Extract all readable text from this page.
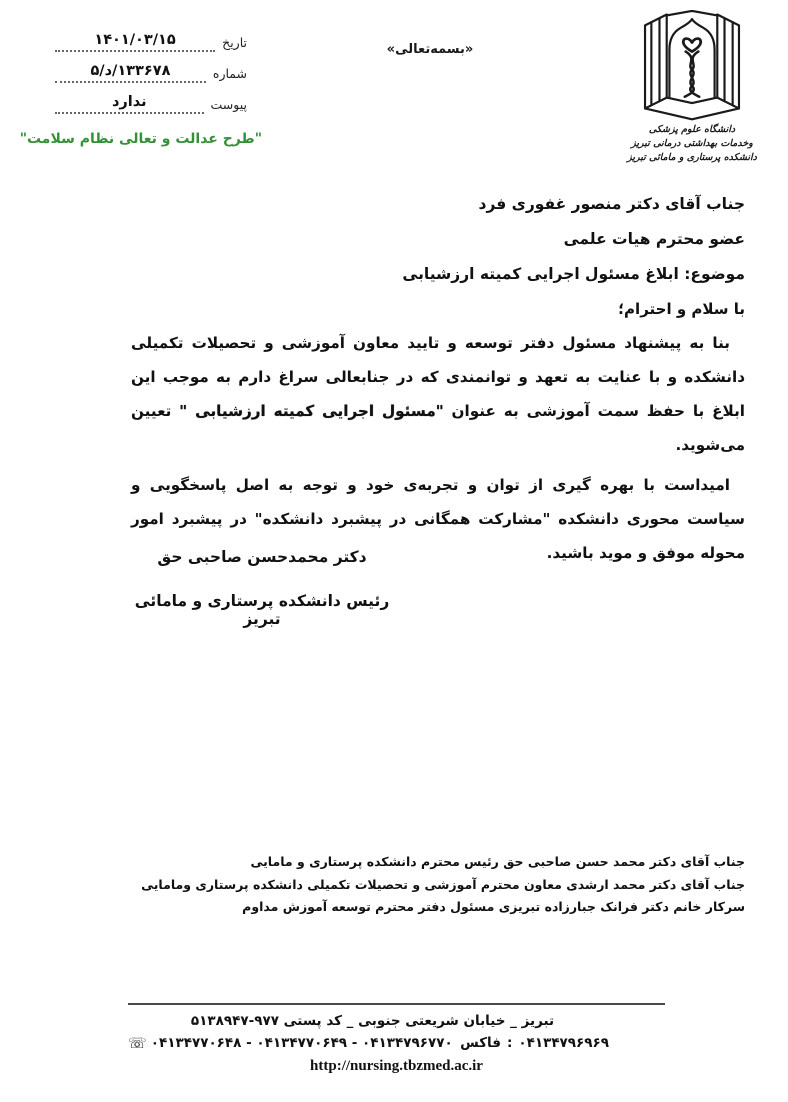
تاریخ
۱۴۰۱/۰۳/۱۵
شماره
۵/د/۱۳۳۶۷۸
پیوست
ندارد
«بسمه‌تعالی»
دانشگاه علوم پزشکی
وخدمات بهداشتی درمانی تبریز
دانشکده پرستاری و مامائی تبریز
"طرح عدالت و تعالی نظام سلامت"

جناب آقای دکتر منصور غفوری فرد

عضو محترم هیات علمی

موضوع: ابلاغ مسئول اجرایی کمیته ارزشیابی

با سلام و احترام؛

بنا به پیشنهاد مسئول دفتر توسعه و تایید معاون آموزشی و تحصیلات تکمیلی دانشکده و با عنایت به تعهد و توانمندی که در جنابعالی سراغ دارم به موجب این ابلاغ با حفظ سمت آموزشی به عنوان "مسئول اجرایی کمیته ارزشیابی " تعیین می‌شوید.

امیداست با بهره گیری از توان و تجربه‌ی خود و توجه به اصل پاسخگویی و سیاست محوری دانشکده "مشارکت همگانی در پیشبرد دانشکده" در پیشبرد امور محوله موفق و موید باشید.

دکتر محمدحسن صاحبی حق

رئیس دانشکده پرستاری و مامائی تبریز

جناب آقای دکتر محمد حسن صاحبی حق رئیس محترم دانشکده پرستاری و مامایی
جناب آقای دکتر محمد ارشدی معاون محترم آموزشی و تحصیلات تکمیلی دانشکده پرستاری ومامایی
سرکار خانم دکتر فرانک جبارزاده تبریزی مسئول دفتر محترم توسعه آموزش مداوم
تبریز _ خیابان شریعتی جنوبی _ کد پستی ۹۷۷-۵۱۳۸۹۴۷
☏ ۰۴۱۳۴۷۷۰۶۴۸ - ۰۴۱۳۴۷۷۰۶۴۹ - ۰۴۱۳۴۷۹۶۷۷۰ فاکس : ۰۴۱۳۴۷۹۶۹۶۹
http://nursing.tbzmed.ac.ir
